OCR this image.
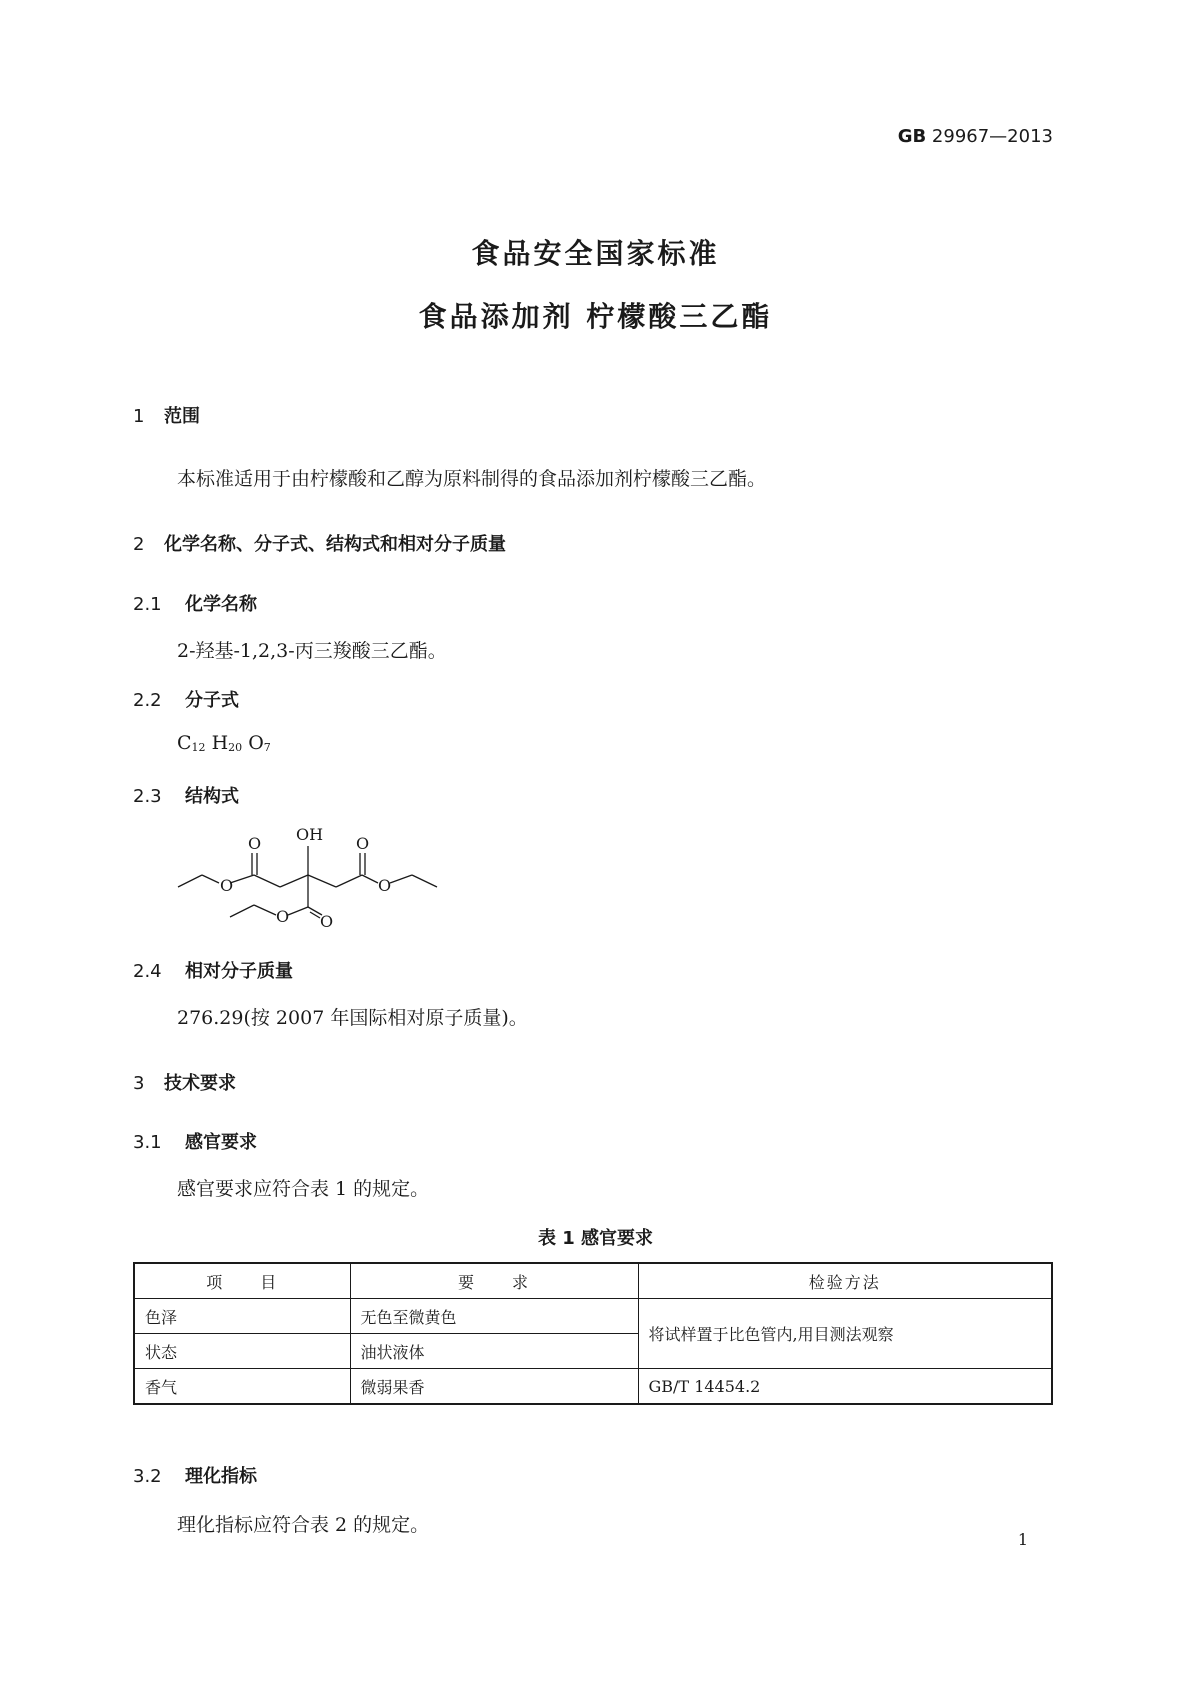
GB 29967—2013
食品安全国家标准
食品添加剂 柠檬酸三乙酯
1 范围
本标准适用于由柠檬酸和乙醇为原料制得的食品添加剂柠檬酸三乙酯。
2 化学名称、分子式、结构式和相对分子质量
2.1 化学名称
2-羟基-1,2,3-丙三羧酸三乙酯。
2.2 分子式
$C_{12}$ $H_{20}$ $O_7$
2.3 结构式
OH
O
O
O
O
O
O
2.4 相对分子质量
276.29(按 2007 年国际相对原子质量)。
3 技术要求
3.1 感官要求
感官要求应符合表 1 的规定。
表 1 感官要求
项　　目	要　　求	检验方法
色泽	无色至微黄色	将试样置于比色管内,用目测法观察
状态	油状液体	
香气	微弱果香	GB/T 14454.2
3.2 理化指标
理化指标应符合表 2 的规定。
1
